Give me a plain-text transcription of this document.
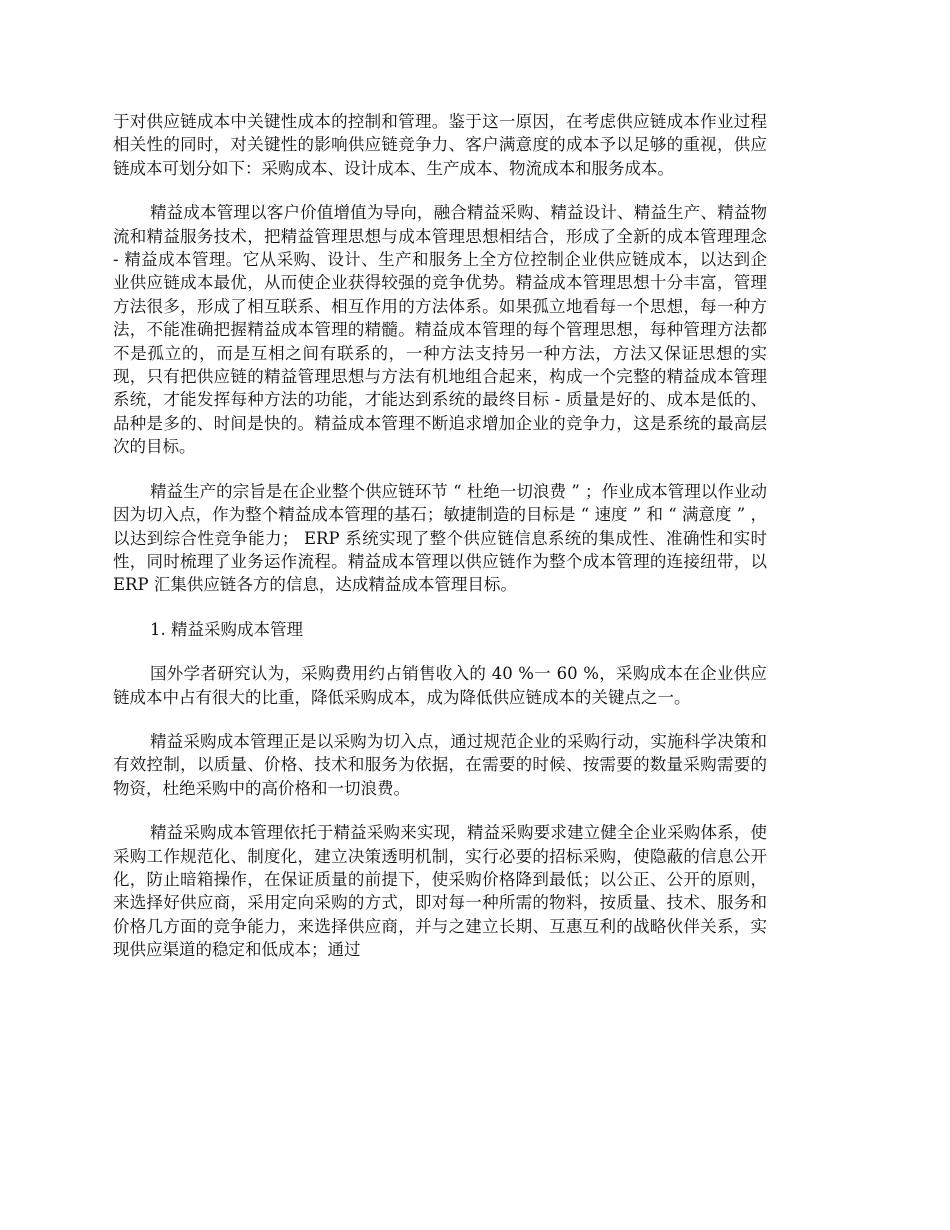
于对供应链成本中关键性成本的控制和管理。鉴于这一原因，在考虑供应链成本作业过程相关性的同时，对关键性的影响供应链竞争力、客户满意度的成本予以足够的重视，供应链成本可划分如下：采购成本、设计成本、生产成本、物流成本和服务成本。

精益成本管理以客户价值增值为导向，融合精益采购、精益设计、精益生产、精益物流和精益服务技术，把精益管理思想与成本管理思想相结合，形成了全新的成本管理理念 - 精益成本管理。它从采购、设计、生产和服务上全方位控制企业供应链成本，以达到企业供应链成本最优，从而使企业获得较强的竞争优势。精益成本管理思想十分丰富，管理方法很多，形成了相互联系、相互作用的方法体系。如果孤立地看每一个思想，每一种方法，不能准确把握精益成本管理的精髓。精益成本管理的每个管理思想，每种管理方法都不是孤立的，而是互相之间有联系的，一种方法支持另一种方法，方法又保证思想的实现，只有把供应链的精益管理思想与方法有机地组合起来，构成一个完整的精益成本管理系统，才能发挥每种方法的功能，才能达到系统的最终目标 - 质量是好的、成本是低的、品种是多的、时间是快的。精益成本管理不断追求增加企业的竞争力，这是系统的最高层次的目标。

精益生产的宗旨是在企业整个供应链环节 “ 杜绝一切浪费 ” ；作业成本管理以作业动因为切入点，作为整个精益成本管理的基石；敏捷制造的目标是 “ 速度 ” 和 “ 满意度 ” ，以达到综合性竞争能力； ERP 系统实现了整个供应链信息系统的集成性、准确性和实时性，同时梳理了业务运作流程。精益成本管理以供应链作为整个成本管理的连接纽带，以 ERP 汇集供应链各方的信息，达成精益成本管理目标。

1. 精益采购成本管理

国外学者研究认为，采购费用约占销售收入的 40 %一 60 %，采购成本在企业供应链成本中占有很大的比重，降低采购成本，成为降低供应链成本的关键点之一。

精益采购成本管理正是以采购为切入点，通过规范企业的采购行动，实施科学决策和有效控制，以质量、价格、技术和服务为依据，在需要的时候、按需要的数量采购需要的物资，杜绝采购中的高价格和一切浪费。

精益采购成本管理依托于精益采购来实现，精益采购要求建立健全企业采购体系，使采购工作规范化、制度化，建立决策透明机制，实行必要的招标采购，使隐蔽的信息公开化，防止暗箱操作，在保证质量的前提下，使采购价格降到最低；以公正、公开的原则，来选择好供应商，采用定向采购的方式，即对每一种所需的物料，按质量、技术、服务和价格几方面的竞争能力，来选择供应商，并与之建立长期、互惠互利的战略伙伴关系，实现供应渠道的稳定和低成本；通过
